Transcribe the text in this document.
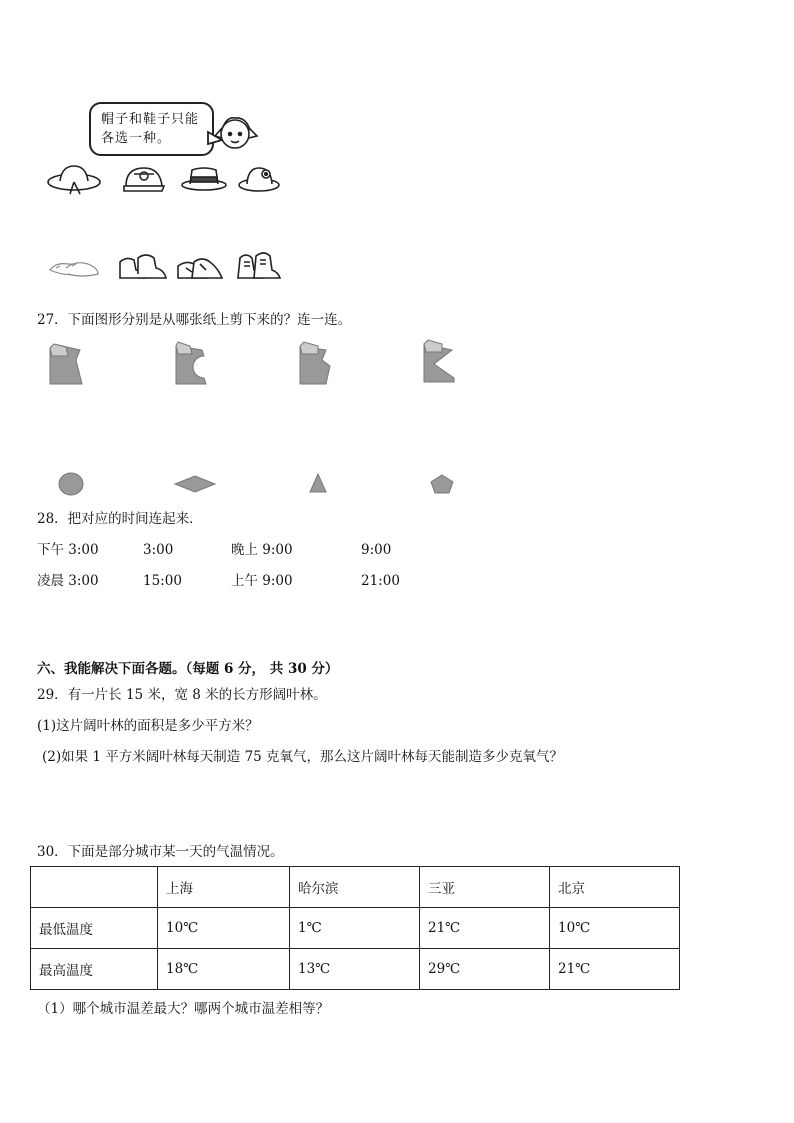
帽子和鞋子只能
各选一种。
27．下面图形分别是从哪张纸上剪下来的？连一连。
28．把对应的时间连起来．
下午 3:00	3:00	晚上 9:00	9:00
凌晨 3:00	15:00	上午 9:00	21:00
六、我能解决下面各题。（每题 6 分， 共 30 分）
29．有一片长 15 米，宽 8 米的长方形阔叶林。
(1)这片阔叶林的面积是多少平方米？
(2)如果 1 平方米阔叶林每天制造 75 克氧气，那么这片阔叶林每天能制造多少克氧气？
30．下面是部分城市某一天的气温情况。
	上海	哈尔滨	三亚	北京
最低温度	10℃	1℃	21℃	10℃
最高温度	18℃	13℃	29℃	21℃
（1）哪个城市温差最大？哪两个城市温差相等？
